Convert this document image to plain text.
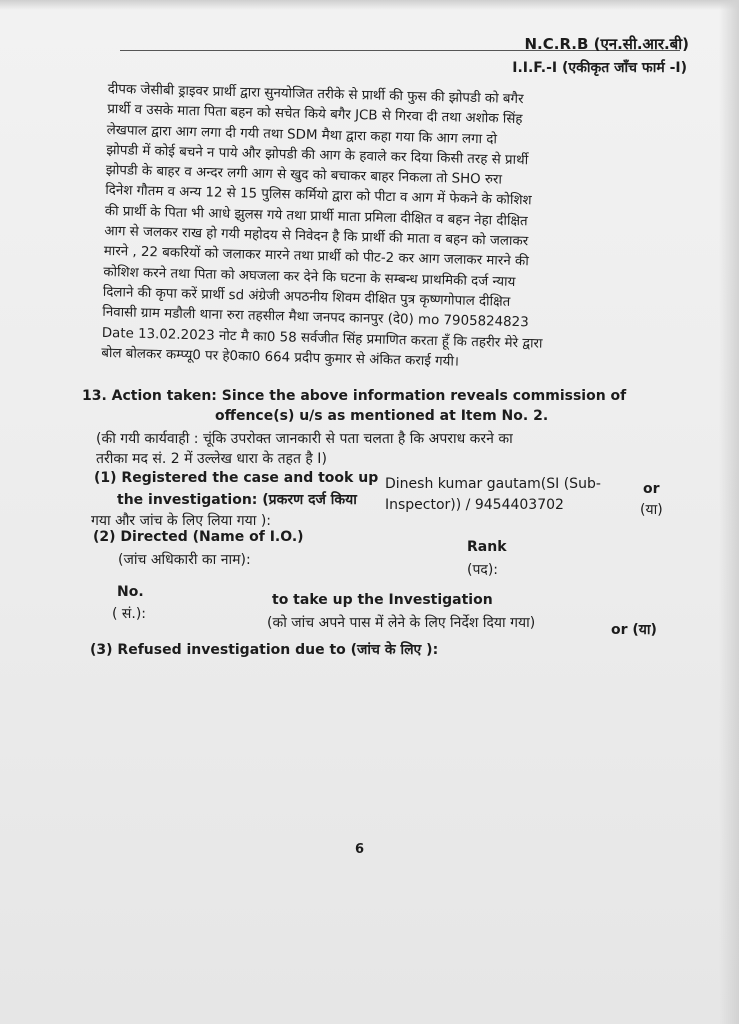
N.C.R.B (एन.सी.आर.बी)
I.I.F.-I (एकीकृत जाँच फार्म -I)
दीपक जेसीबी ड्राइवर प्रार्थी द्वारा सुनयोजित तरीके से प्रार्थी की फुस की झोपडी को बगैर
प्रार्थी व उसके माता पिता बहन को सचेत किये बगैर JCB से गिरवा दी तथा अशोक सिंह
लेखपाल द्वारा आग लगा दी गयी तथा SDM मैथा द्वारा कहा गया कि आग लगा दो
झोपडी में कोई बचने न पाये और झोपडी की आग के हवाले कर दिया किसी तरह से प्रार्थी
झोपडी के बाहर व अन्दर लगी आग से खुद को बचाकर बाहर निकला तो SHO रुरा
दिनेश गौतम व अन्य 12 से 15 पुलिस कर्मियो द्वारा को पीटा व आग में फेकने के कोशिश
की प्रार्थी के पिता भी आधे झुलस गये तथा प्रार्थी माता प्रमिला दीक्षित व बहन नेहा दीक्षित
आग से जलकर राख हो गयी महोदय से निवेदन है कि प्रार्थी की माता व बहन को जलाकर
मारने , 22 बकरियों को जलाकर मारने तथा प्रार्थी को पीट-2 कर आग जलाकर मारने की
कोशिश करने तथा पिता को अघजला कर देने कि घटना के सम्बन्ध प्राथमिकी दर्ज न्याय
दिलाने की कृपा करें प्रार्थी sd अंग्रेजी अपठनीय शिवम दीक्षित पुत्र कृष्णगोपाल दीक्षित
निवासी ग्राम मडौली थाना रुरा तहसील मैथा जनपद कानपुर (दे0) mo 7905824823
Date 13.02.2023 नोट मै का0 58 सर्वजीत सिंह प्रमाणित करता हूँ कि तहरीर मेरे द्वारा
बोल बोलकर कम्प्यू0 पर हे0का0 664 प्रदीप कुमार से अंकित कराई गयी।
13. Action taken: Since the above information reveals commission of
offence(s) u/s as mentioned at Item No. 2.
(की गयी कार्यवाही : चूंकि उपरोक्त जानकारी से पता चलता है कि अपराध करने का
तरीका मद सं. 2 में उल्लेख धारा के तहत है I)
(1) Registered the case and took up
the investigation: (प्रकरण दर्ज किया
गया और जांच के लिए लिया गया ):
Dinesh kumar gautam(SI (Sub-
Inspector)) / 9454403702
or
(या)
(2) Directed (Name of I.O.)
(जांच अधिकारी का नाम):
Rank
(पद):
No.
( सं.):
to take up the Investigation
(को जांच अपने पास में लेने के लिए निर्देश दिया गया)	or (या)
(3) Refused investigation due to (जांच के लिए ):
6
